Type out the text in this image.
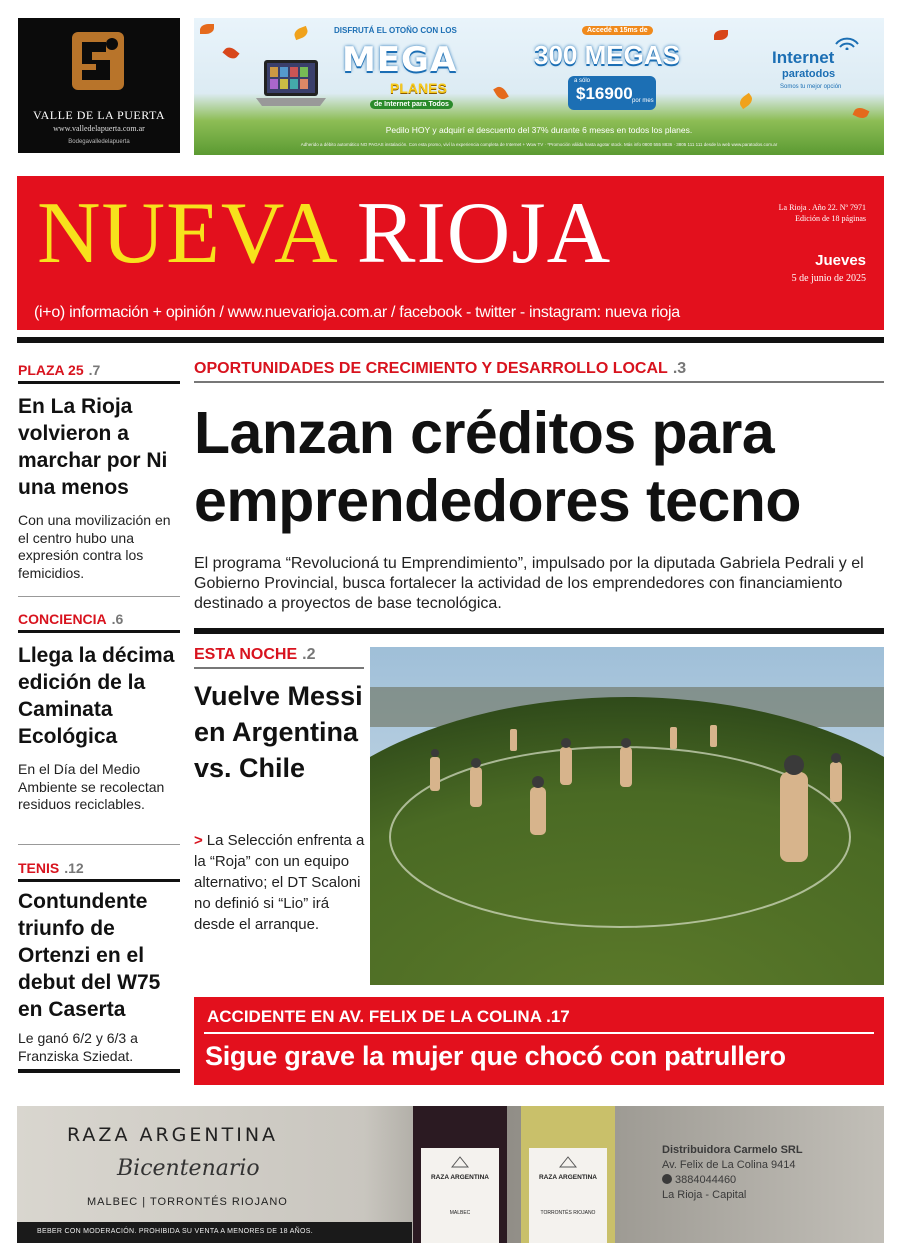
VALLE DE LA PUERTA
www.valledelapuerta.com.ar
Bodegavalledelapuerta
DISFRUTÁ EL OTOÑO CON LOS
MEGA
PLANES
de Internet para Todos
Accedé a 15ms de
300 MEGAS
a sólo
$16900 por mes
Internet
paratodos
Somos tu mejor opción
Pedilo HOY y adquirí el descuento del 37% durante 6 meses en todos los planes.
Adherido a débito automático NO PAGAS instalación. Con esta promo, viví la experiencia completa de Internet + Wow TV · *Promoción válida hasta agotar stock. Más info 0800 555 8836 · 3805 111 111 desde la web www.paratodos.com.ar
NUEVA RIOJA	La Rioja . Año 22. Nº 7971
Edición de 18 páginas
Jueves
5 de junio de 2025
(i+o) información + opinión / www.nuevarioja.com.ar / facebook - twitter - instagram: nueva rioja
PLAZA 25 .7
En La Rioja volvieron a marchar por Ni una menos
Con una movilización en el centro hubo una expresión contra los femicidios.
CONCIENCIA .6
Llega la décima edición de la Caminata Ecológica
En el Día del Medio Ambiente se recolectan residuos reciclables.
TENIS .12
Contundente triunfo de Ortenzi en el debut del W75 en Caserta
Le ganó 6/2 y 6/3 a Franziska Sziedat.
OPORTUNIDADES DE CRECIMIENTO Y DESARROLLO LOCAL .3
Lanzan créditos para emprendedores tecno
El programa “Revolucioná tu Emprendimiento”, impulsado por la diputada Gabriela Pedrali y el Gobierno Provincial, busca fortalecer la actividad de los emprendedores con financiamiento destinado a proyectos de base tecnológica.
ESTA NOCHE .2
Vuelve Messi en Argentina vs. Chile
> La Selección enfrenta a la “Roja” con un equipo alternativo; el DT Scaloni no definió si “Lio” irá desde el arranque.
ACCIDENTE EN AV. FELIX DE LA COLINA .17
Sigue grave la mujer que chocó con patrullero
RAZA ARGENTINA
Bicentenario
MALBEC | TORRONTÉS RIOJANO
BEBER CON MODERACIÓN. PROHIBIDA SU VENTA A MENORES DE 18 AÑOS.
RAZA ARGENTINA
MALBEC
RAZA ARGENTINA
TORRONTÉS RIOJANO
Distribuidora Carmelo SRL
Av. Felix de La Colina 9414
3884044460
La Rioja - Capital
